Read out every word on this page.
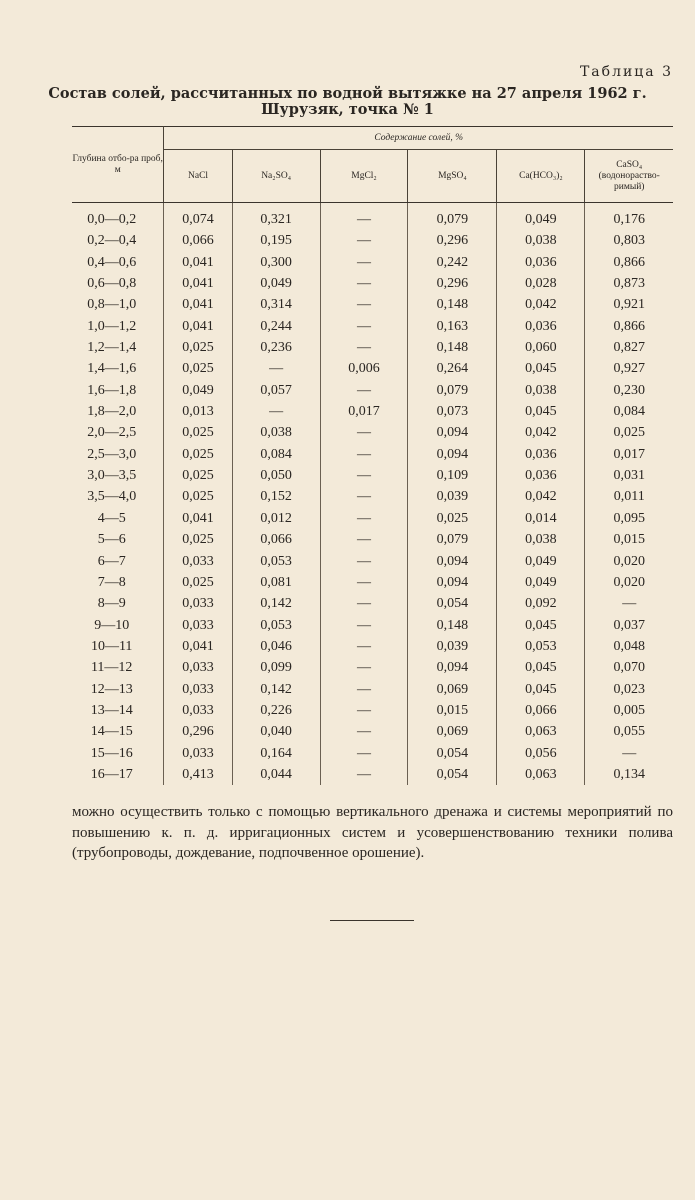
Таблица 3
Состав солей, рассчитанных по водной вытяжке на 27 апреля 1962 г.
Шурузяк, точка № 1
Глубина отбо-ра проб, м	Содержание солей, %					
	NaCl	Na₂SO₄	MgCl₂	MgSO₄	Ca(HCO₃)₂	CaSO₄ (водонораство-римый)
0,0—0,2	0,074	0,321	—	0,079	0,049	0,176
0,2—0,4	0,066	0,195	—	0,296	0,038	0,803
0,4—0,6	0,041	0,300	—	0,242	0,036	0,866
0,6—0,8	0,041	0,049	—	0,296	0,028	0,873
0,8—1,0	0,041	0,314	—	0,148	0,042	0,921
1,0—1,2	0,041	0,244	—	0,163	0,036	0,866
1,2—1,4	0,025	0,236	—	0,148	0,060	0,827
1,4—1,6	0,025	—	0,006	0,264	0,045	0,927
1,6—1,8	0,049	0,057	—	0,079	0,038	0,230
1,8—2,0	0,013	—	0,017	0,073	0,045	0,084
2,0—2,5	0,025	0,038	—	0,094	0,042	0,025
2,5—3,0	0,025	0,084	—	0,094	0,036	0,017
3,0—3,5	0,025	0,050	—	0,109	0,036	0,031
3,5—4,0	0,025	0,152	—	0,039	0,042	0,011
4—5	0,041	0,012	—	0,025	0,014	0,095
5—6	0,025	0,066	—	0,079	0,038	0,015
6—7	0,033	0,053	—	0,094	0,049	0,020
7—8	0,025	0,081	—	0,094	0,049	0,020
8—9	0,033	0,142	—	0,054	0,092	—
9—10	0,033	0,053	—	0,148	0,045	0,037
10—11	0,041	0,046	—	0,039	0,053	0,048
11—12	0,033	0,099	—	0,094	0,045	0,070
12—13	0,033	0,142	—	0,069	0,045	0,023
13—14	0,033	0,226	—	0,015	0,066	0,005
14—15	0,296	0,040	—	0,069	0,063	0,055
15—16	0,033	0,164	—	0,054	0,056	—
16—17	0,413	0,044	—	0,054	0,063	0,134
можно осуществить только с помощью вертикального дренажа и системы мероприятий по повышению к. п. д. ирригационных систем и усовершенствованию техники полива (трубопроводы, дождевание, подпочвенное орошение).
